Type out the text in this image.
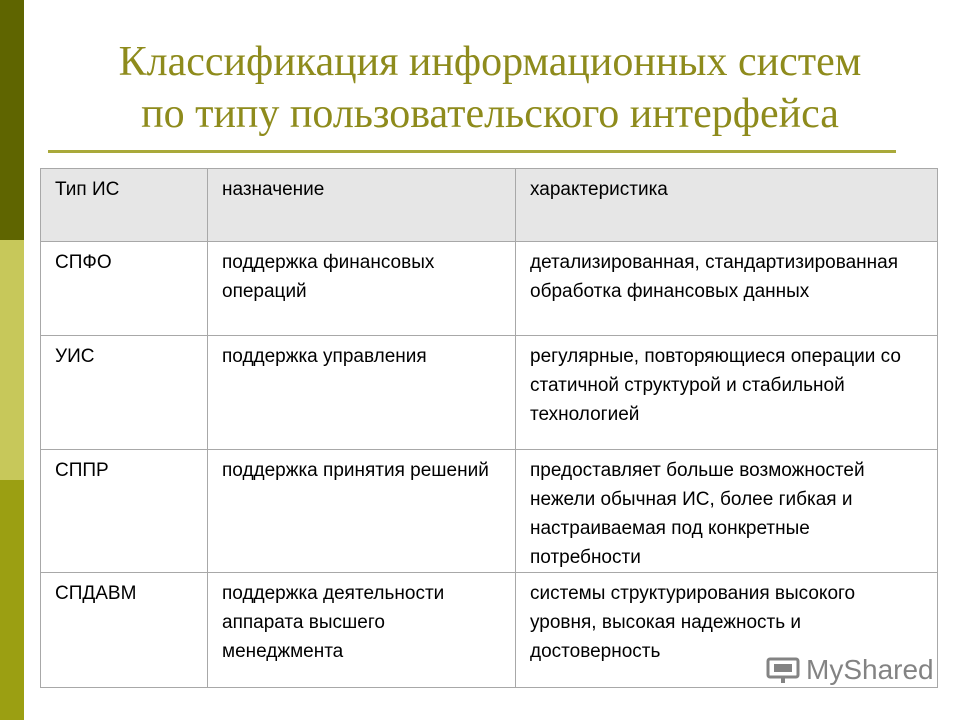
Классификация информационных систем
по типу пользовательского интерфейса
Тип ИС	назначение	характеристика
СПФО	поддержка финансовых операций	детализированная, стандартизированная обработка финансовых данных
УИС	поддержка управления	регулярные, повторяющиеся операции со статичной структурой и стабильной технологией
СППР	поддержка принятия решений	предоставляет больше возможностей нежели обычная ИС, более гибкая и настраиваемая под конкретные потребности
СПДАВМ	поддержка деятельности аппарата высшего менеджмента	системы структурирования высокого уровня, высокая надежность и достоверность
MyShared
